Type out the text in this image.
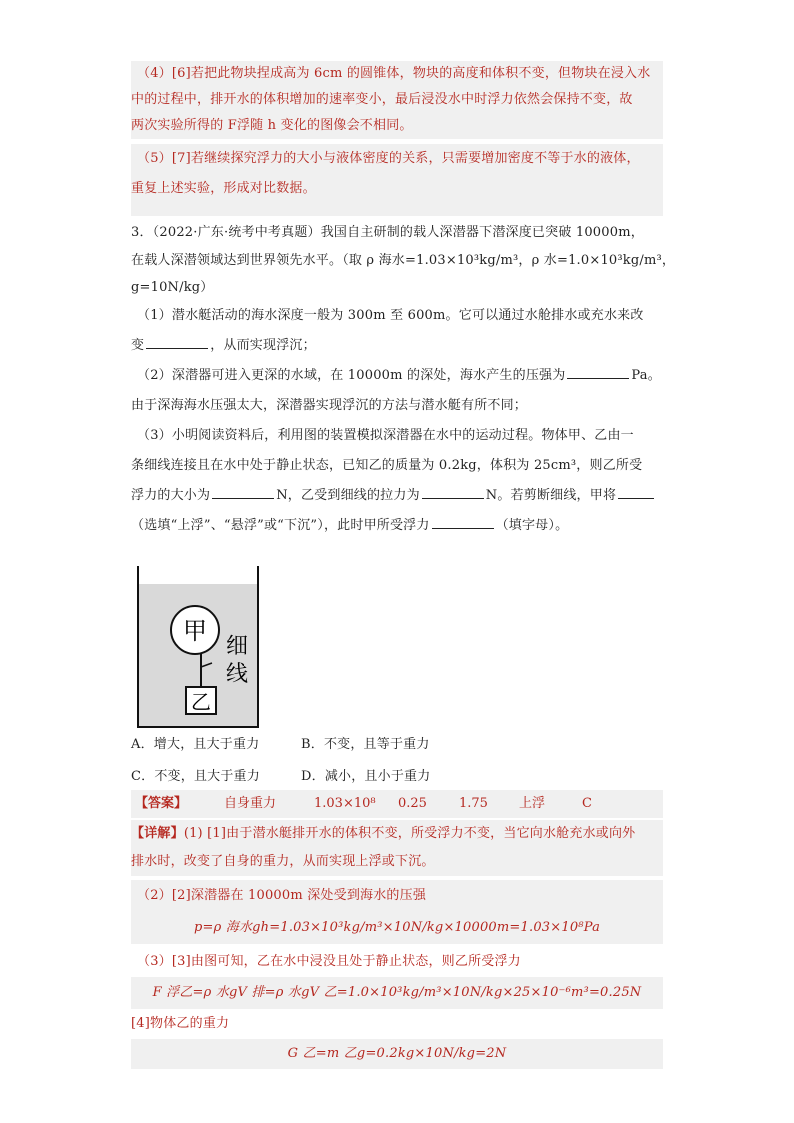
（4）[6]若把此物块捏成高为 6cm 的圆锥体，物块的高度和体积不变，但物块在浸入水
中的过程中，排开水的体积增加的速率变小，最后浸没水中时浮力依然会保持不变，故
两次实验所得的 F浮随 h 变化的图像会不相同。
（5）[7]若继续探究浮力的大小与液体密度的关系，只需要增加密度不等于水的液体，
重复上述实验，形成对比数据。
3．（2022·广东·统考中考真题）我国自主研制的载人深潜器下潜深度已突破 10000m，
在载人深潜领域达到世界领先水平。（取 ρ 海水=1.03×10³kg/m³，ρ 水=1.0×10³kg/m³，
g=10N/kg）
（1）潜水艇活动的海水深度一般为 300m 至 600m。它可以通过水舱排水或充水来改
变	，从而实现浮沉；
（2）深潜器可进入更深的水域，在 10000m 的深处，海水产生的压强为	Pa。
由于深海海水压强太大，深潜器实现浮沉的方法与潜水艇有所不同；
（3）小明阅读资料后，利用图的装置模拟深潜器在水中的运动过程。物体甲、乙由一
条细线连接且在水中处于静止状态，已知乙的质量为 0.2kg，体积为 25cm³，则乙所受
浮力的大小为	N，乙受到细线的拉力为	N。若剪断细线，甲将
（选填“上浮”、“悬浮”或“下沉”），此时甲所受浮力	（填字母）。
甲
乙
细
线
A．增大，且大于重力	B．不变，且等于重力
C．不变，且大于重力	D．减小，且小于重力
【答案】	自身重力	1.03×10⁸ 0.25 1.75 上浮	C
【详解】(1) [1]由于潜水艇排开水的体积不变，所受浮力不变，当它向水舱充水或向外
排水时，改变了自身的重力，从而实现上浮或下沉。
（2）[2]深潜器在 10000m 深处受到海水的压强
p=ρ 海水gh=1.03×10³kg/m³×10N/kg×10000m=1.03×10⁸Pa
（3）[3]由图可知，乙在水中浸没且处于静止状态，则乙所受浮力
F 浮乙=ρ 水gV 排=ρ 水gV 乙=1.0×10³kg/m³×10N/kg×25×10⁻⁶m³=0.25N
[4]物体乙的重力
G 乙=m 乙g=0.2kg×10N/kg=2N
